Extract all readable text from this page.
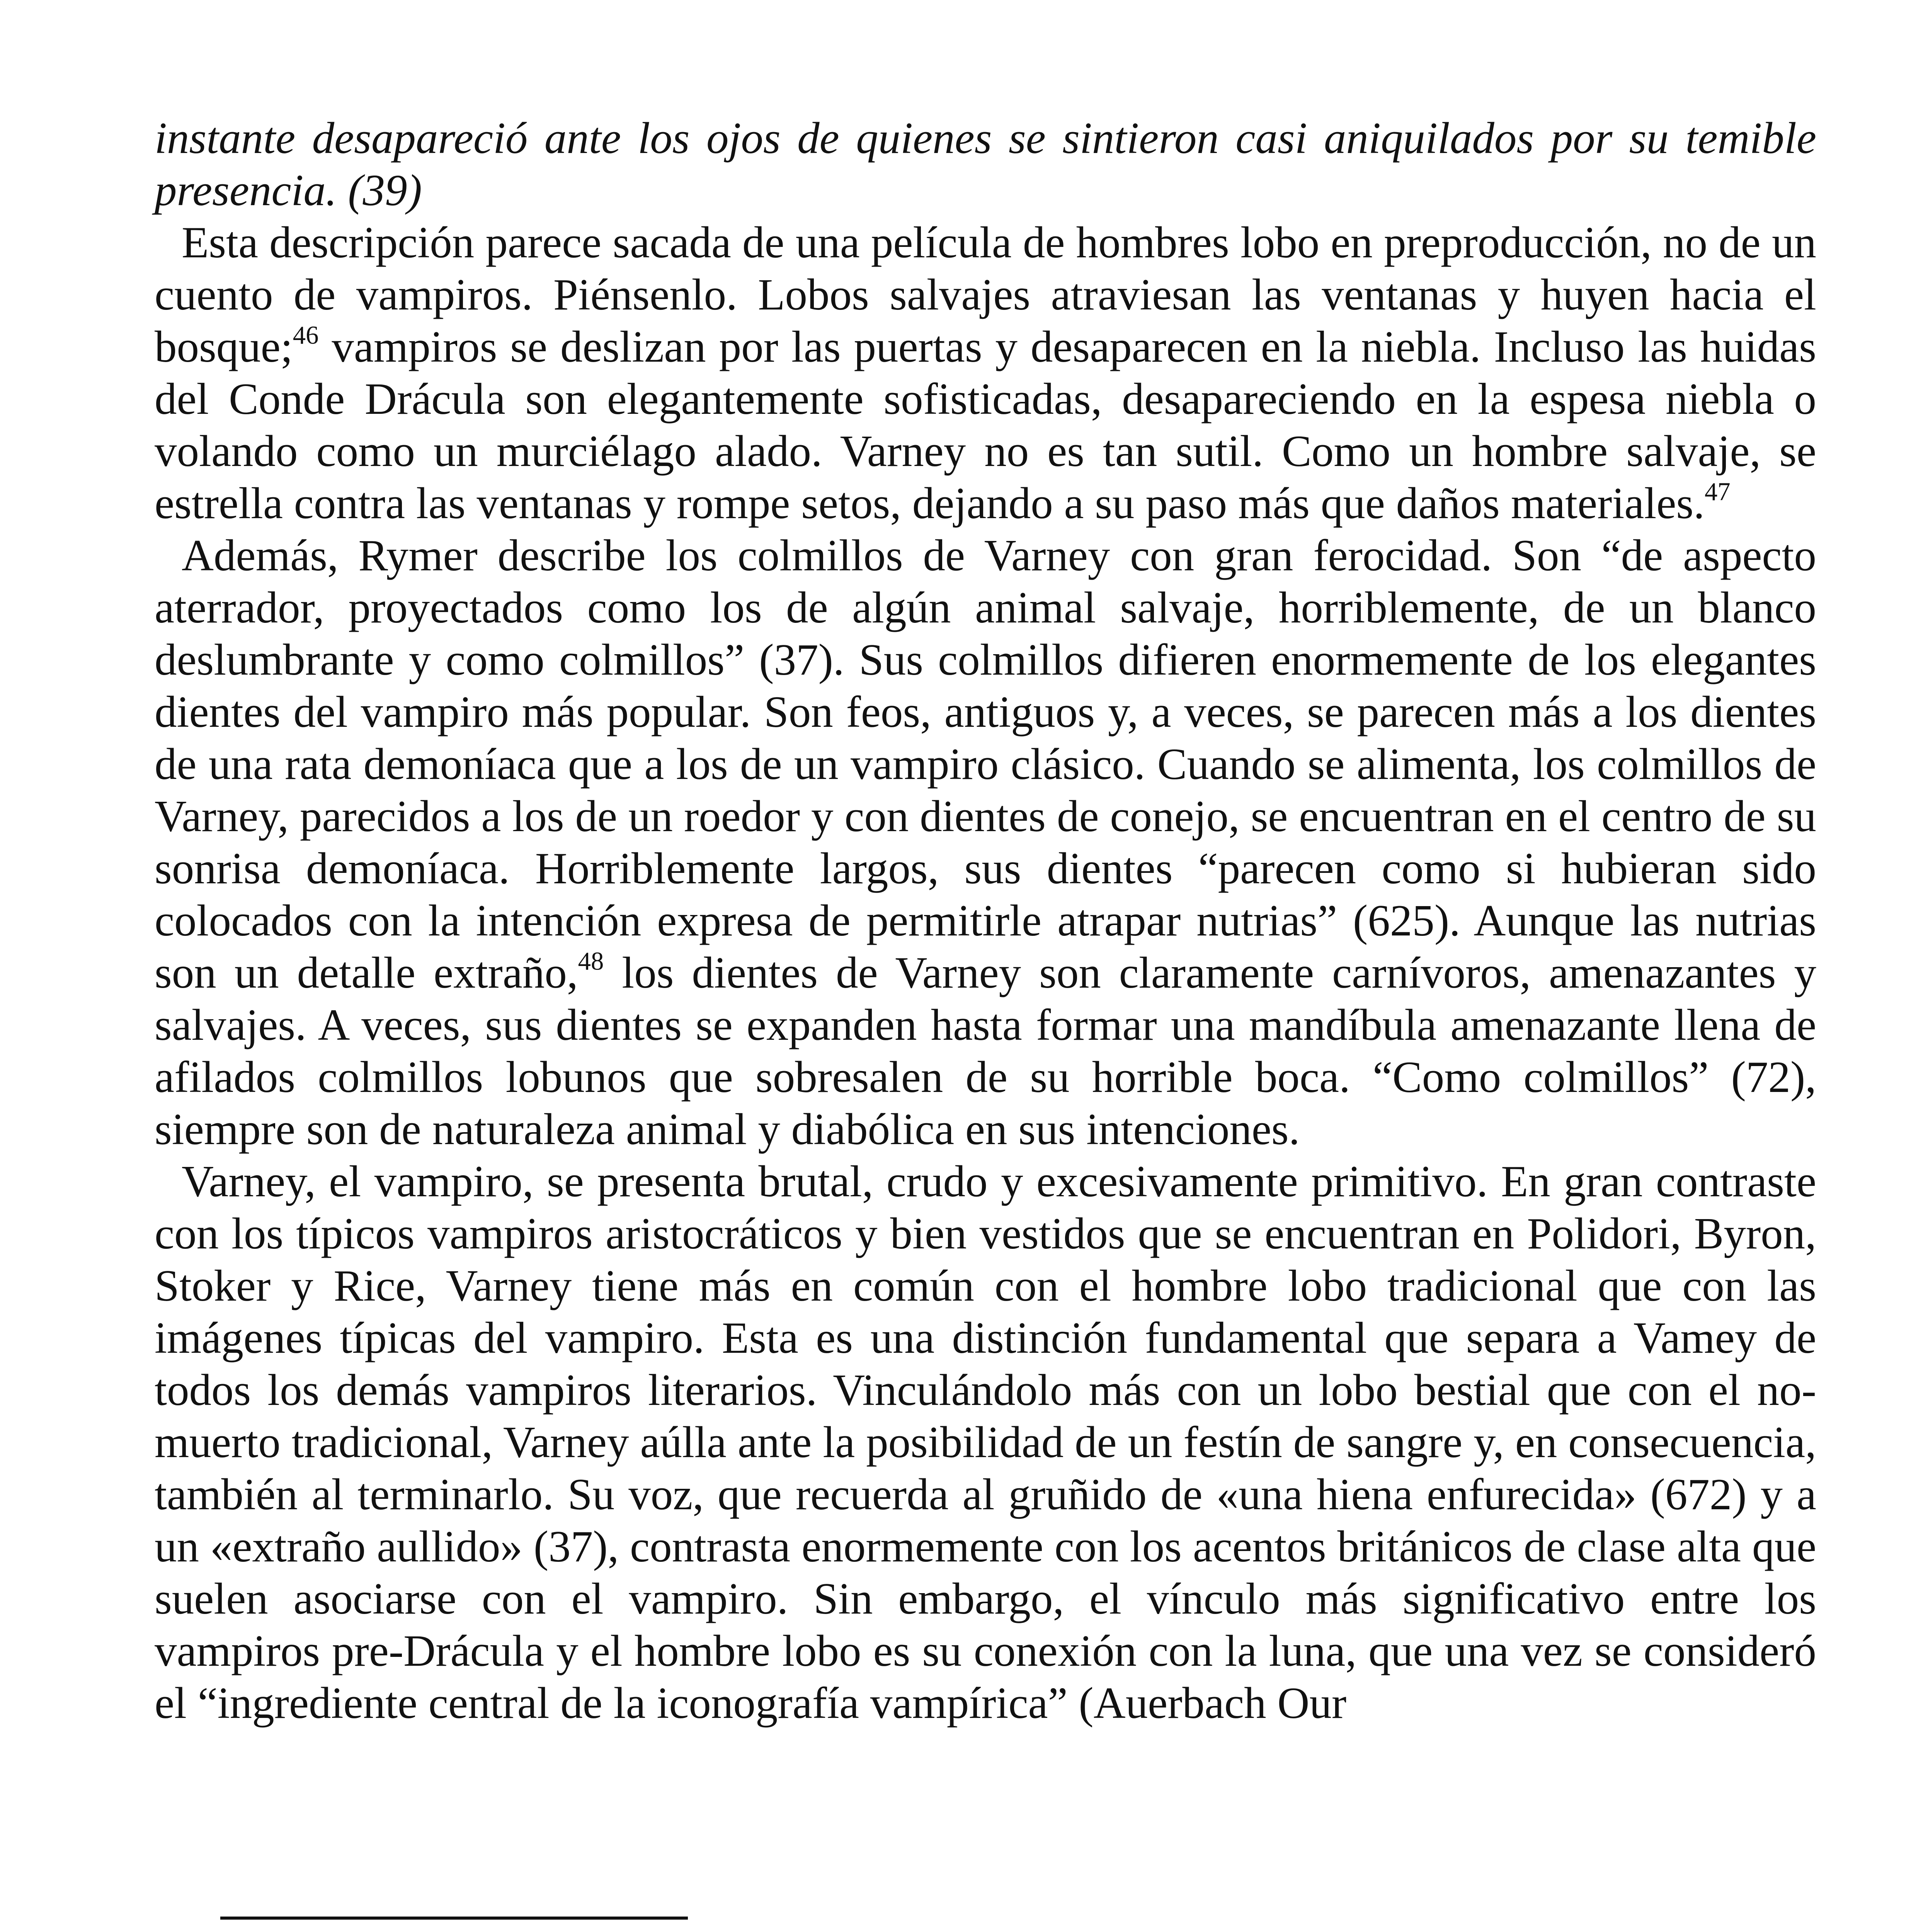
instante desapareció ante los ojos de quienes se sintieron casi aniquilados por su temible presencia. (39)

Esta descripción parece sacada de una película de hombres lobo en preproducción, no de un cuento de vampiros. Piénsenlo. Lobos salvajes atraviesan las ventanas y huyen hacia el bosque;$^{46}$ vampiros se deslizan por las puertas y desaparecen en la niebla. Incluso las huidas del Conde Drácula son elegantemente sofisticadas, desapareciendo en la espesa niebla o volando como un murciélago alado. Varney no es tan sutil. Como un hombre salvaje, se estrella contra las ventanas y rompe setos, dejando a su paso más que daños materiales.$^{47}$

Además, Rymer describe los colmillos de Varney con gran ferocidad. Son “de aspecto aterrador, proyectados como los de algún animal salvaje, horriblemente, de un blanco deslumbrante y como colmillos” (37). Sus colmillos difieren enormemente de los elegantes dientes del vampiro más popular. Son feos, antiguos y, a veces, se parecen más a los dientes de una rata demoníaca que a los de un vampiro clásico. Cuando se alimenta, los colmillos de Varney, parecidos a los de un roedor y con dientes de conejo, se encuentran en el centro de su sonrisa demoníaca. Horriblemente largos, sus dientes “parecen como si hubieran sido colocados con la intención expresa de permitirle atrapar nutrias” (625). Aunque las nutrias son un detalle extraño,$^{48}$ los dientes de Varney son claramente carnívoros, amenazantes y salvajes. A veces, sus dientes se expanden hasta formar una mandíbula amenazante llena de afilados colmillos lobunos que sobresalen de su horrible boca. “Como colmillos” (72), siempre son de naturaleza animal y diabólica en sus intenciones.

Varney, el vampiro, se presenta brutal, crudo y excesivamente primitivo. En gran contraste con los típicos vampiros aristocráticos y bien vestidos que se encuentran en Polidori, Byron, Stoker y Rice, Varney tiene más en común con el hombre lobo tradicional que con las imágenes típicas del vampiro. Esta es una distinción fundamental que separa a Vamey de todos los demás vampiros literarios. Vinculándolo más con un lobo bestial que con el no-muerto tradicional, Varney aúlla ante la posibilidad de un festín de sangre y, en consecuencia, también al terminarlo. Su voz, que recuerda al gruñido de «una hiena enfurecida» (672) y a un «extraño aullido» (37), contrasta enormemente con los acentos británicos de clase alta que suelen asociarse con el vampiro. Sin embargo, el vínculo más significativo entre los vampiros pre-Drácula y el hombre lobo es su conexión con la luna, que una vez se consideró el “ingrediente central de la iconografía vampírica” (Auerbach Our
